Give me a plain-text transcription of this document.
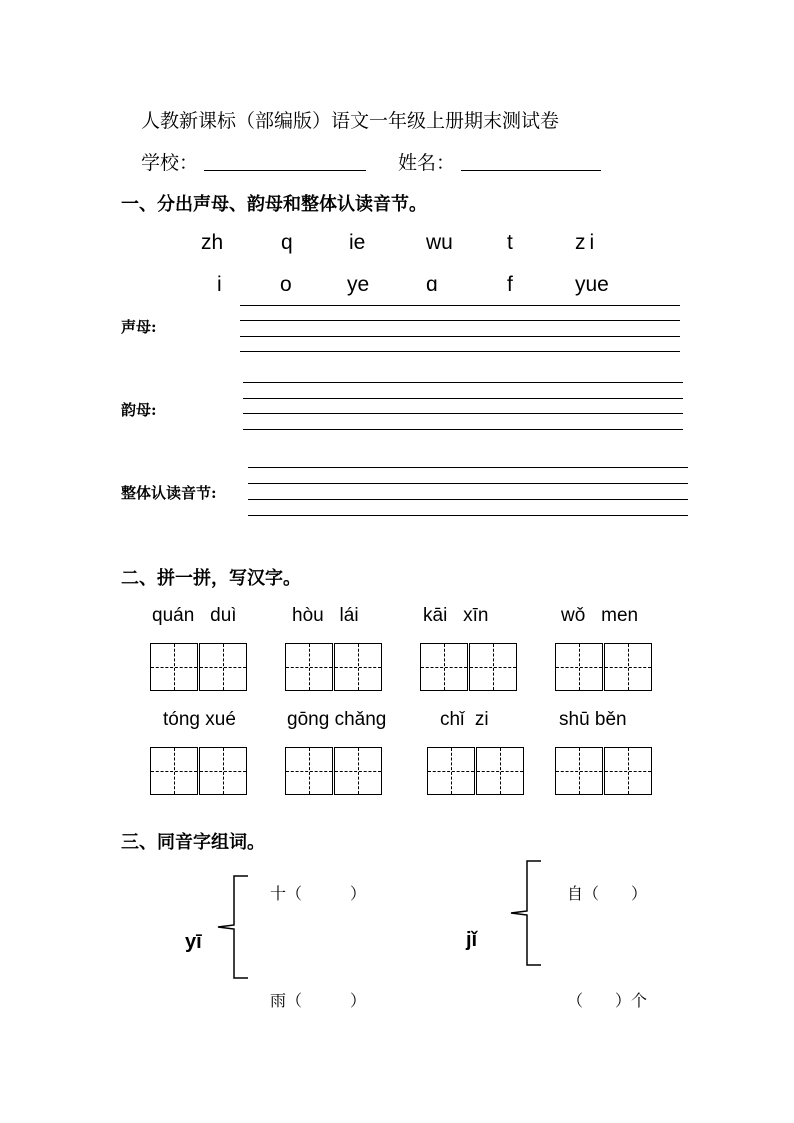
人教新课标（部编版）语文一年级上册期末测试卷
学校：	姓名：
一、分出声母、韵母和整体认读音节。
zh	q	ie	wu	t	zi
i	o	ye	ɑ	f	yue
声母:
韵母:
整体认读音节:
二、拼一拼，写汉字。
quán duì	hòu lái	kāi xīn	wǒ men
tóng xué	gōng chǎng	chǐ zi	shū běn
三、同音字组词。
十（　　　）
yī
雨（　　　）
自（　　）
jǐ
（　　）个
